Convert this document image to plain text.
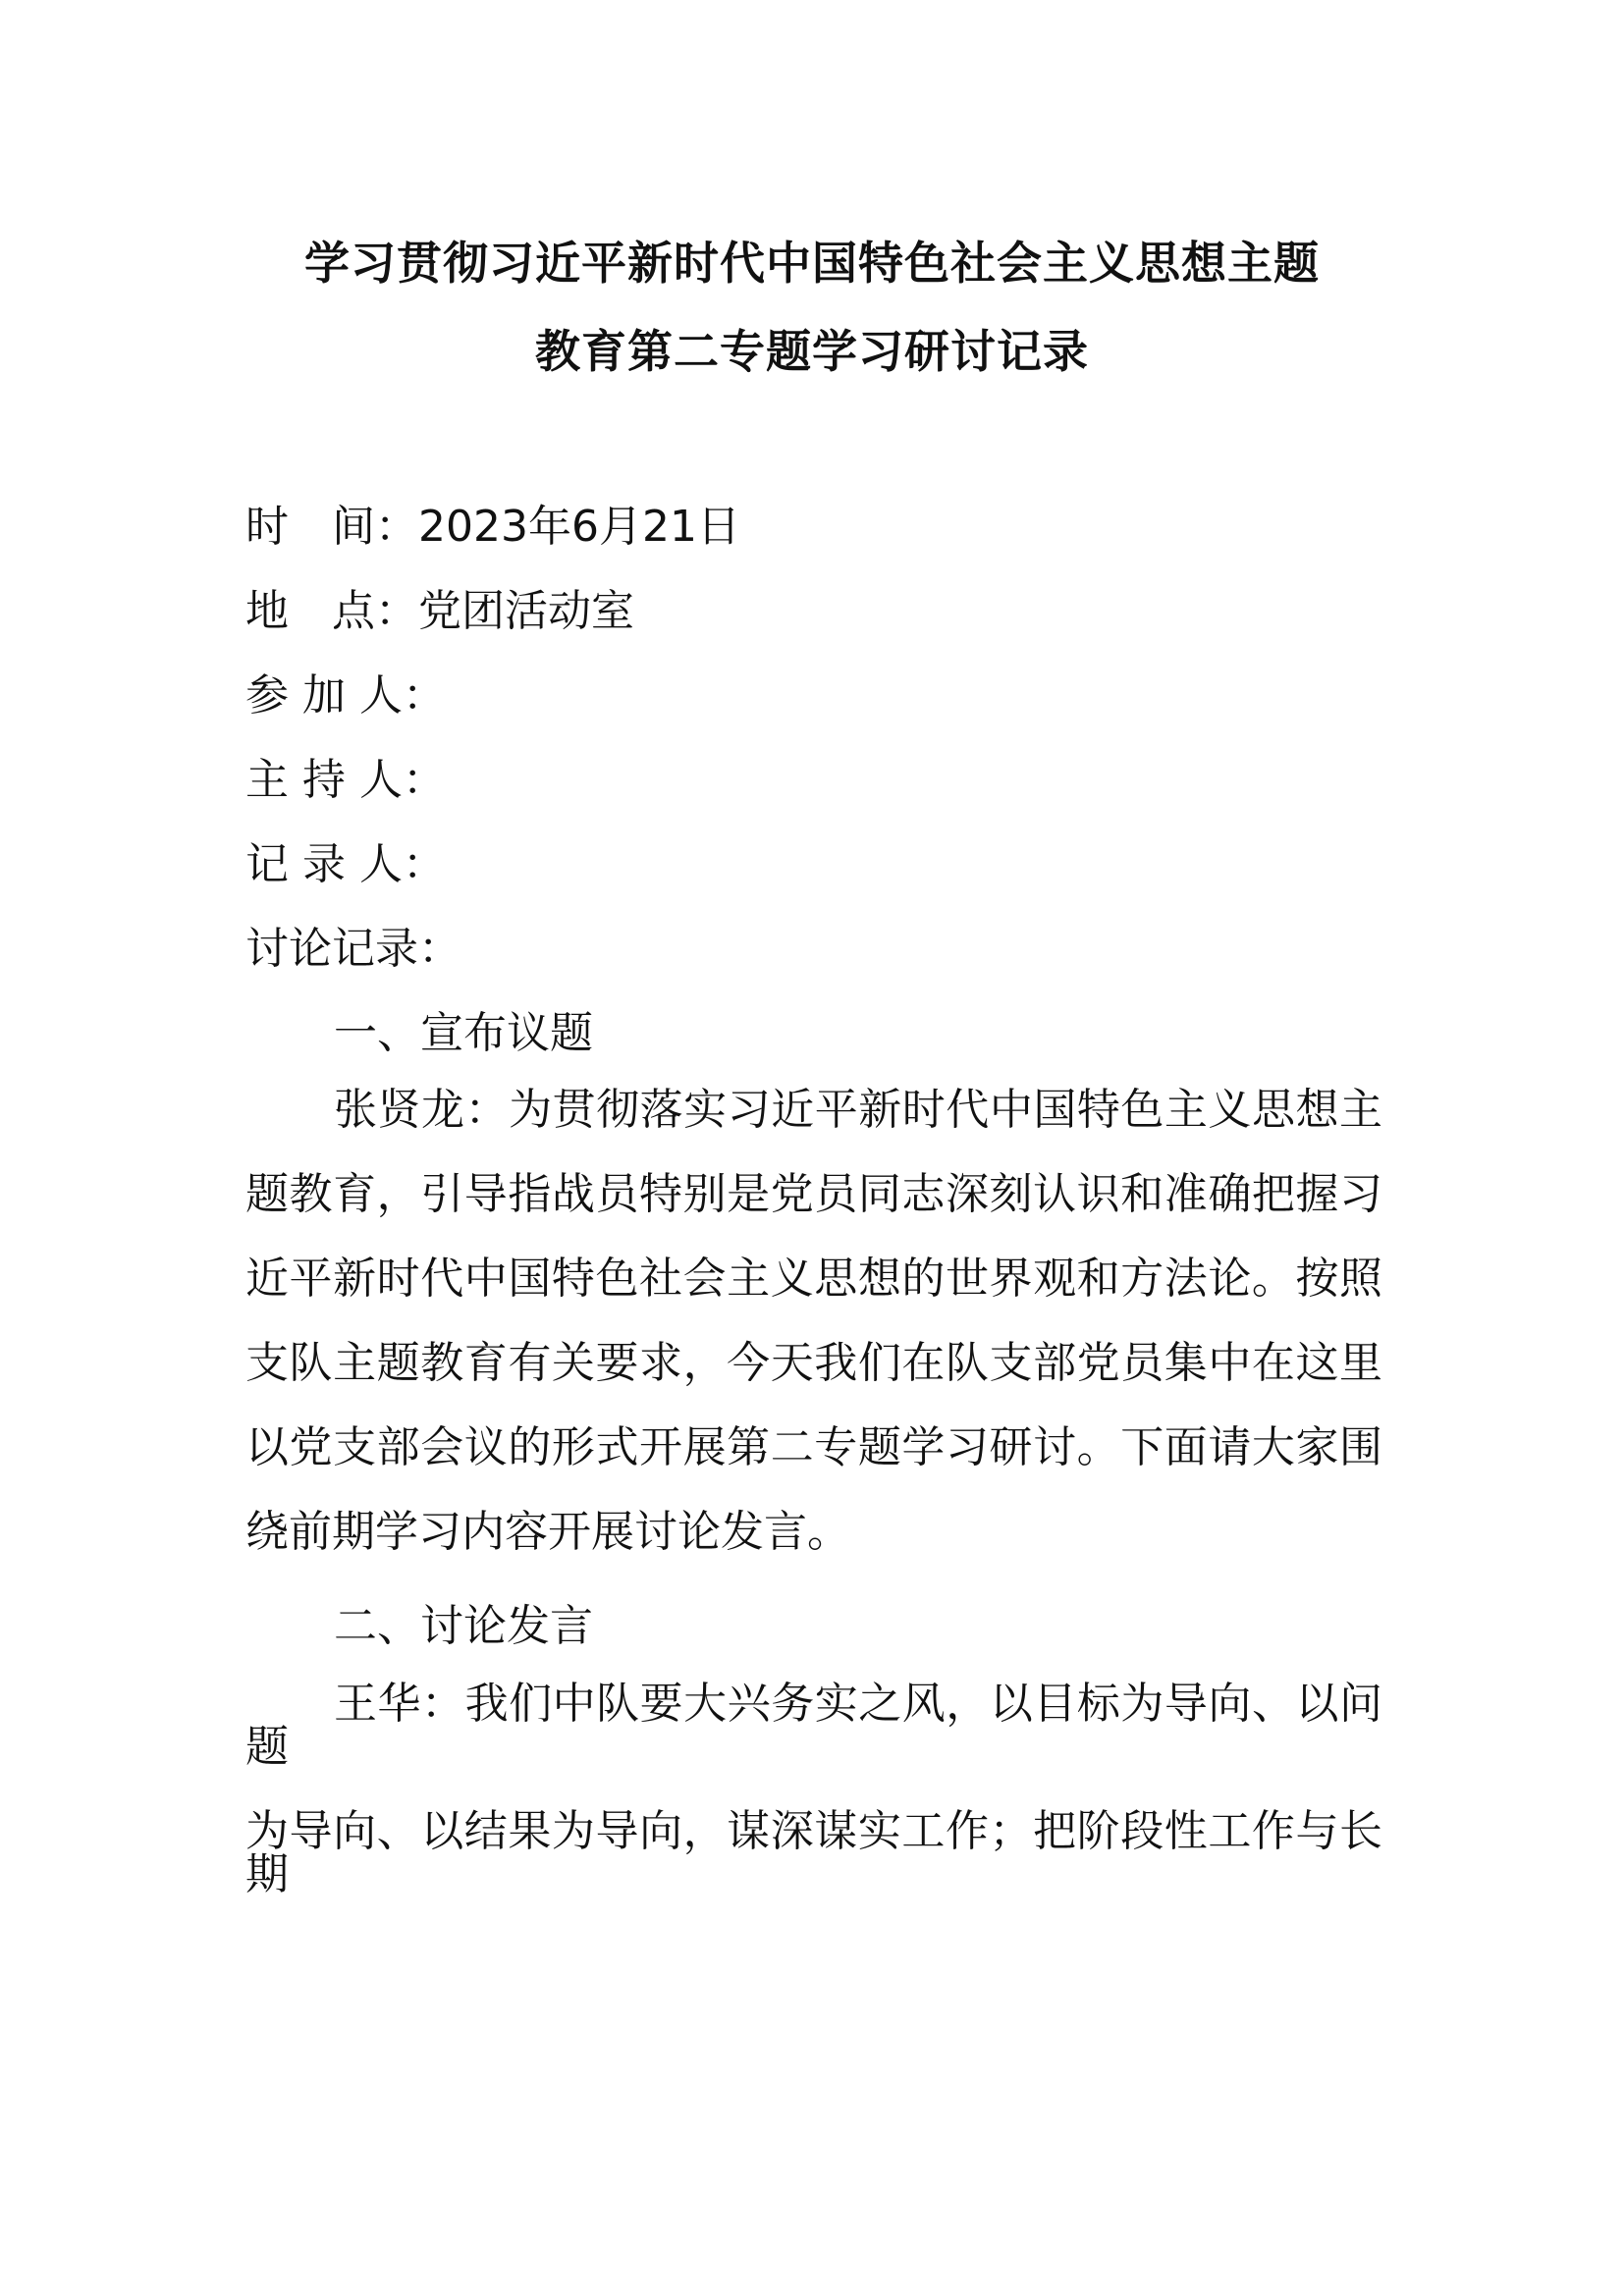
学习贯彻习近平新时代中国特色社会主义思想主题
教育第二专题学习研讨记录
时　间：2023年6月21日
地　点：党团活动室
参 加 人：
主 持 人：
记 录 人：
讨论记录：
一、宣布议题
张贤龙：为贯彻落实习近平新时代中国特色主义思想主题教育，引导指战员特别是党员同志深刻认识和准确把握习近平新时代中国特色社会主义思想的世界观和方法论。按照支队主题教育有关要求，今天我们在队支部党员集中在这里以党支部会议的形式开展第二专题学习研讨。下面请大家围绕前期学习内容开展讨论发言。
二、讨论发言
王华：我们中队要大兴务实之风，以目标为导向、以问题
为导向、以结果为导向，谋深谋实工作；把阶段性工作与长期
